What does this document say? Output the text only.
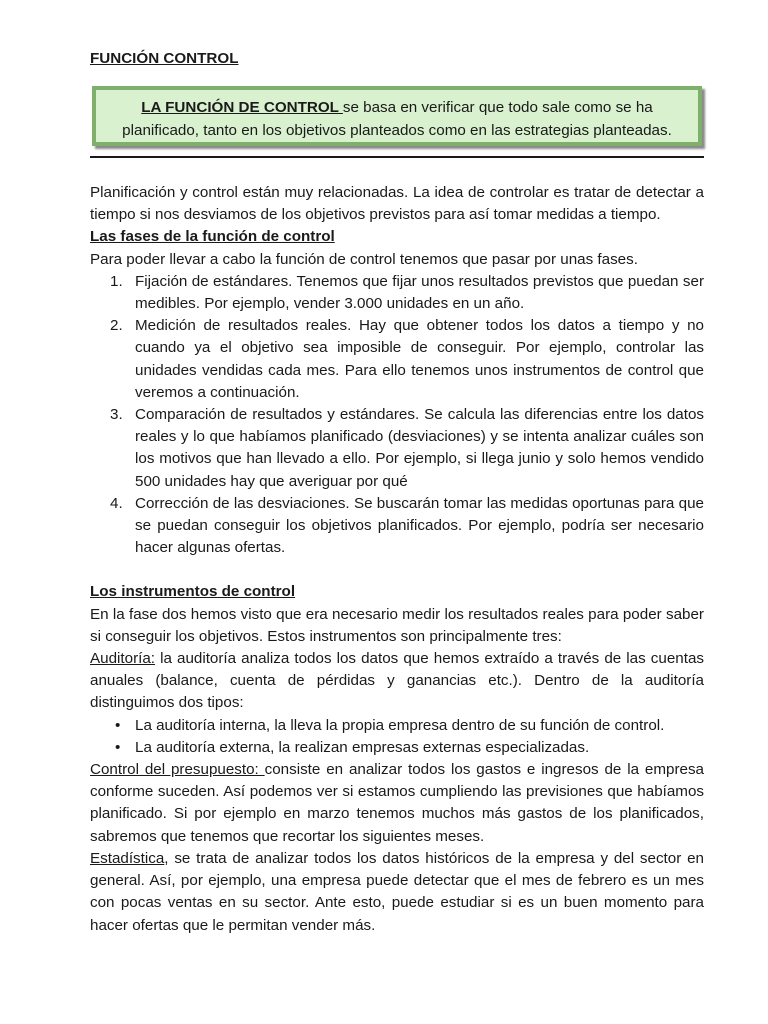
FUNCIÓN CONTROL
LA FUNCIÓN DE CONTROL se basa en verificar que todo sale como se ha planificado, tanto en los objetivos planteados como en las estrategias planteadas.

Planificación y control están muy relacionadas. La idea de controlar es tratar de detectar a tiempo si nos desviamos de los objetivos previstos para así tomar medidas a tiempo.

Las fases de la función de control

Para poder llevar a cabo la función de control tenemos que pasar por unas fases.

1. Fijación de estándares. Tenemos que fijar unos resultados previstos que puedan ser medibles. Por ejemplo, vender 3.000 unidades en un año.
2. Medición de resultados reales. Hay que obtener todos los datos a tiempo y no cuando ya el objetivo sea imposible de conseguir. Por ejemplo, controlar las unidades vendidas cada mes. Para ello tenemos unos instrumentos de control que veremos a continuación.
3. Comparación de resultados y estándares. Se calcula las diferencias entre los datos reales y lo que habíamos planificado (desviaciones) y se intenta analizar cuáles son los motivos que han llevado a ello. Por ejemplo, si llega junio y solo hemos vendido 500 unidades hay que averiguar por qué
4. Corrección de las desviaciones. Se buscarán tomar las medidas oportunas para que se puedan conseguir los objetivos planificados. Por ejemplo, podría ser necesario hacer algunas ofertas.
Los instrumentos de control

En la fase dos hemos visto que era necesario medir los resultados reales para poder saber si conseguir los objetivos. Estos instrumentos son principalmente tres:

Auditoría: la auditoría analiza todos los datos que hemos extraído a través de las cuentas anuales (balance, cuenta de pérdidas y ganancias etc.). Dentro de la auditoría distinguimos dos tipos:

• La auditoría interna, la lleva la propia empresa dentro de su función de control.
• La auditoría externa, la realizan empresas externas especializadas.

Control del presupuesto: consiste en analizar todos los gastos e ingresos de la empresa conforme suceden. Así podemos ver si estamos cumpliendo las previsiones que habíamos planificado. Si por ejemplo en marzo tenemos muchos más gastos de los planificados, sabremos que tenemos que recortar los siguientes meses.

Estadística, se trata de analizar todos los datos históricos de la empresa y del sector en general. Así, por ejemplo, una empresa puede detectar que el mes de febrero es un mes con pocas ventas en su sector. Ante esto, puede estudiar si es un buen momento para hacer ofertas que le permitan vender más.
